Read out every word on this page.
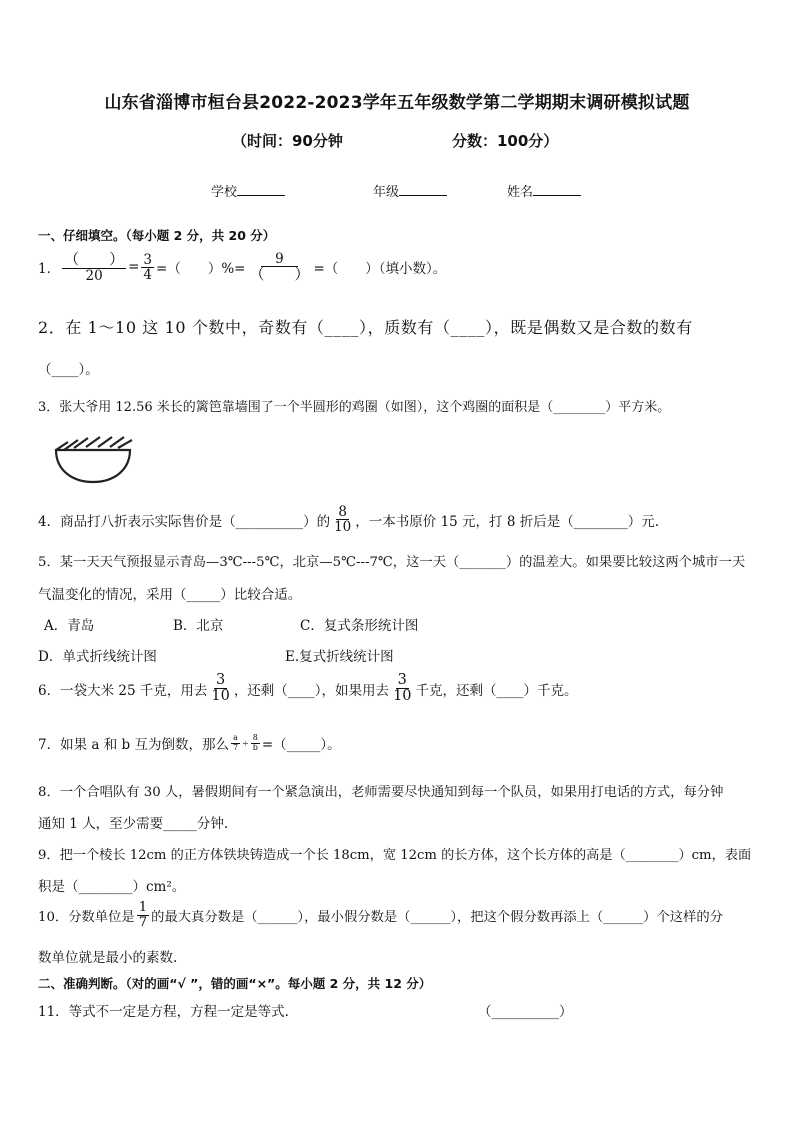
山东省淄博市桓台县2022-2023学年五年级数学第二学期期末调研模拟试题
（时间：90分钟	分数：100分）
学校	年级	姓名
一、仔细填空。（每小题 2 分，共 20 分）
1． $\frac{( )}{20} = \frac{3}{4}$ =（　　）%= $\frac{9}{( )}$ =（　　）（填小数）。
2．在 1～10 这 10 个数中，奇数有（____），质数有（____），既是偶数又是合数的数有
（____）。
3．张大爷用 12.56 米长的篱笆靠墙围了一个半圆形的鸡圈（如图），这个鸡圈的面积是（________）平方米。
4．商品打八折表示实际售价是（__________）的 $\frac{8}{10}$ ，一本书原价 15 元，打 8 折后是（________）元.
5．某一天天气预报显示青岛—3℃---5℃，北京—5℃---7℃，这一天（_______）的温差大。如果要比较这两个城市一天
气温变化的情况，采用（_____）比较合适。
A．青岛	B．北京	C．复式条形统计图
D．单式折线统计图	E.复式折线统计图
6．一袋大米 25 千克，用去 $\frac{3}{10}$ ，还剩（____），如果用去 $\frac{3}{10}$ 千克，还剩（____）千克。
7．如果 a 和 b 互为倒数，那么 $\frac{a}{7} \div \frac{8}{b}$ =（_____）。
8．一个合唱队有 30 人，暑假期间有一个紧急演出，老师需要尽快通知到每一个队员，如果用打电话的方式，每分钟
通知 1 人，至少需要_____分钟.
9．把一个棱长 12cm 的正方体铁块铸造成一个长 18cm，宽 12cm 的长方体，这个长方体的高是（________）cm，表面
积是（________）cm²。
10．分数单位是 $\frac{1}{7}$ 的最大真分数是（______），最小假分数是（______），把这个假分数再添上（______）个这样的分
数单位就是最小的素数.
二、准确判断。（对的画“√ ”，错的画“×”。每小题 2 分，共 12 分）
11．等式不一定是方程，方程一定是等式.	（__________）
